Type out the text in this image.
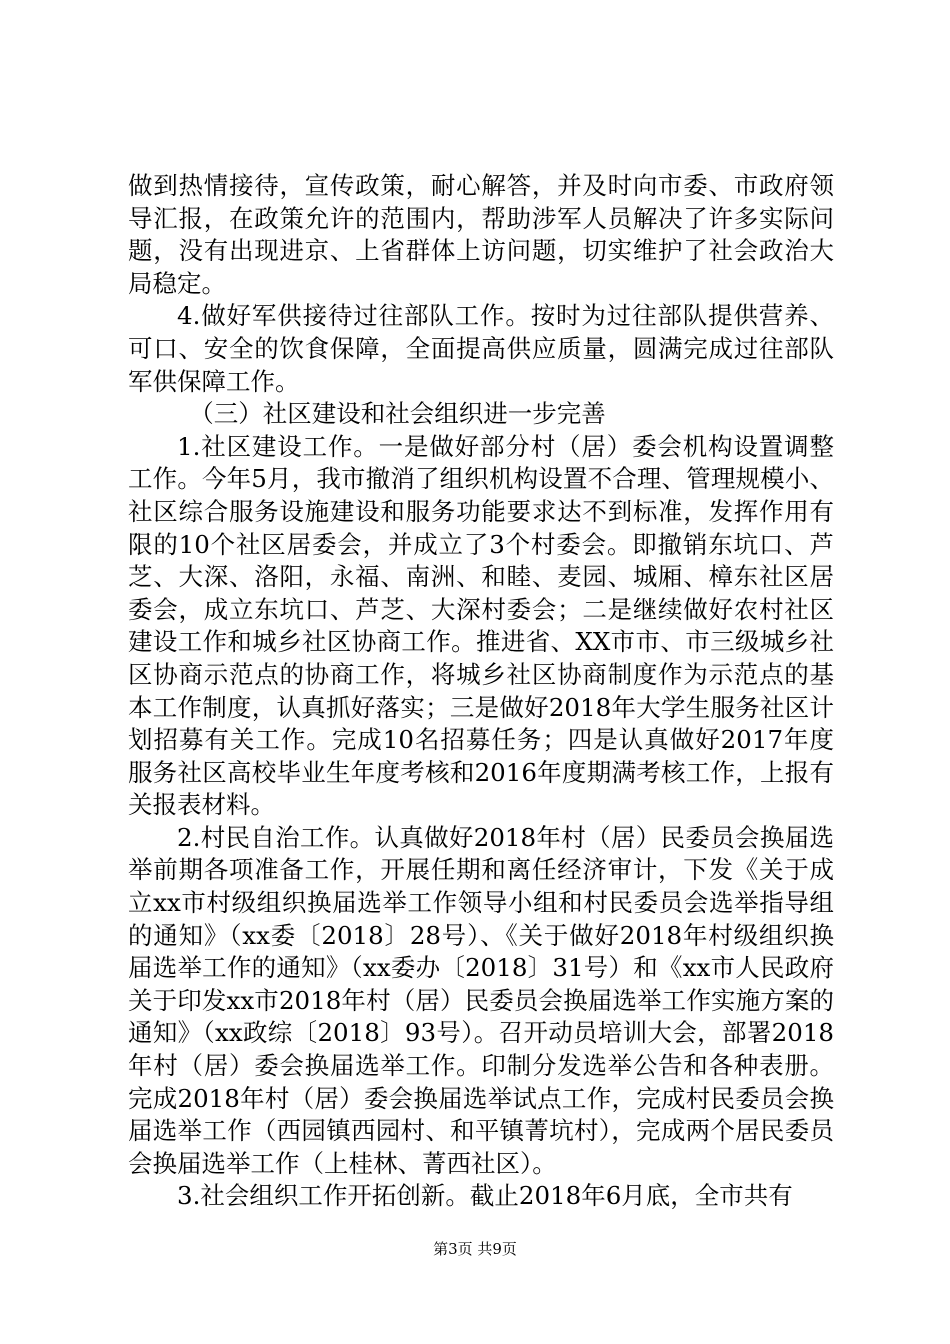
做到热情接待，宣传政策，耐心解答，并及时向市委、市政府领导汇报，在政策允许的范围内，帮助涉军人员解决了许多实际问题，没有出现进京、上省群体上访问题，切实维护了社会政治大局稳定。

4.做好军供接待过往部队工作。按时为过往部队提供营养、可口、安全的饮食保障，全面提高供应质量，圆满完成过往部队军供保障工作。

（三）社区建设和社会组织进一步完善

1.社区建设工作。一是做好部分村（居）委会机构设置调整工作。今年5月，我市撤消了组织机构设置不合理、管理规模小、社区综合服务设施建设和服务功能要求达不到标准，发挥作用有限的10个社区居委会，并成立了3个村委会。即撤销东坑口、芦芝、大深、洛阳，永福、南洲、和睦、麦园、城厢、樟东社区居委会，成立东坑口、芦芝、大深村委会；二是继续做好农村社区建设工作和城乡社区协商工作。推进省、XX市市、市三级城乡社区协商示范点的协商工作，将城乡社区协商制度作为示范点的基本工作制度，认真抓好落实；三是做好2018年大学生服务社区计划招募有关工作。完成10名招募任务；四是认真做好2017年度服务社区高校毕业生年度考核和2016年度期满考核工作，上报有关报表材料。

2.村民自治工作。认真做好2018年村（居）民委员会换届选举前期各项准备工作，开展任期和离任经济审计，下发《关于成立xx市村级组织换届选举工作领导小组和村民委员会选举指导组的通知》（xx委〔2018〕28号）、《关于做好2018年村级组织换届选举工作的通知》（xx委办〔2018〕31号）和《xx市人民政府关于印发xx市2018年村（居）民委员会换届选举工作实施方案的通知》（xx政综〔2018〕93号）。召开动员培训大会，部署2018年村（居）委会换届选举工作。印制分发选举公告和各种表册。完成2018年村（居）委会换届选举试点工作，完成村民委员会换届选举工作（西园镇西园村、和平镇菁坑村），完成两个居民委员会换届选举工作（上桂林、菁西社区）。

3.社会组织工作开拓创新。截止2018年6月底，全市共有

第3页 共9页
